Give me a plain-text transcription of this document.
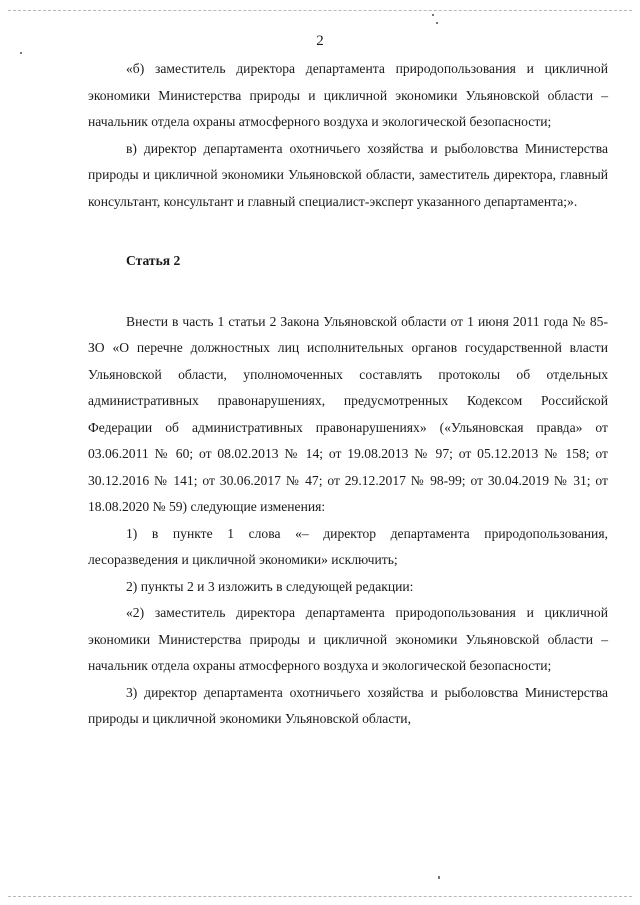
2

«б) заместитель директора департамента природопользования и цикличной экономики Министерства природы и цикличной экономики Ульяновской области – начальник отдела охраны атмосферного воздуха и экологической безопасности;

в) директор департамента охотничьего хозяйства и рыболовства Министерства природы и цикличной экономики Ульяновской области, заместитель директора, главный консультант, консультант и главный специалист-эксперт указанного департамента;».

Статья 2

Внести в часть 1 статьи 2 Закона Ульяновской области от 1 июня 2011 года № 85-ЗО «О перечне должностных лиц исполнительных органов государственной власти Ульяновской области, уполномоченных составлять протоколы об отдельных административных правонарушениях, предусмотренных Кодексом Российской Федерации об административных правонарушениях» («Ульяновская правда» от 03.06.2011 № 60; от 08.02.2013 № 14; от 19.08.2013 № 97; от 05.12.2013 № 158; от 30.12.2016 № 141; от 30.06.2017 № 47; от 29.12.2017 № 98-99; от 30.04.2019 № 31; от 18.08.2020 № 59) следующие изменения:

1) в пункте 1 слова «– директор департамента природопользования, лесоразведения и цикличной экономики» исключить;

2) пункты 2 и 3 изложить в следующей редакции:

«2) заместитель директора департамента природопользования и цикличной экономики Министерства природы и цикличной экономики Ульяновской области – начальник отдела охраны атмосферного воздуха и экологической безопасности;

3) директор департамента охотничьего хозяйства и рыболовства Министерства природы и цикличной экономики Ульяновской области,
